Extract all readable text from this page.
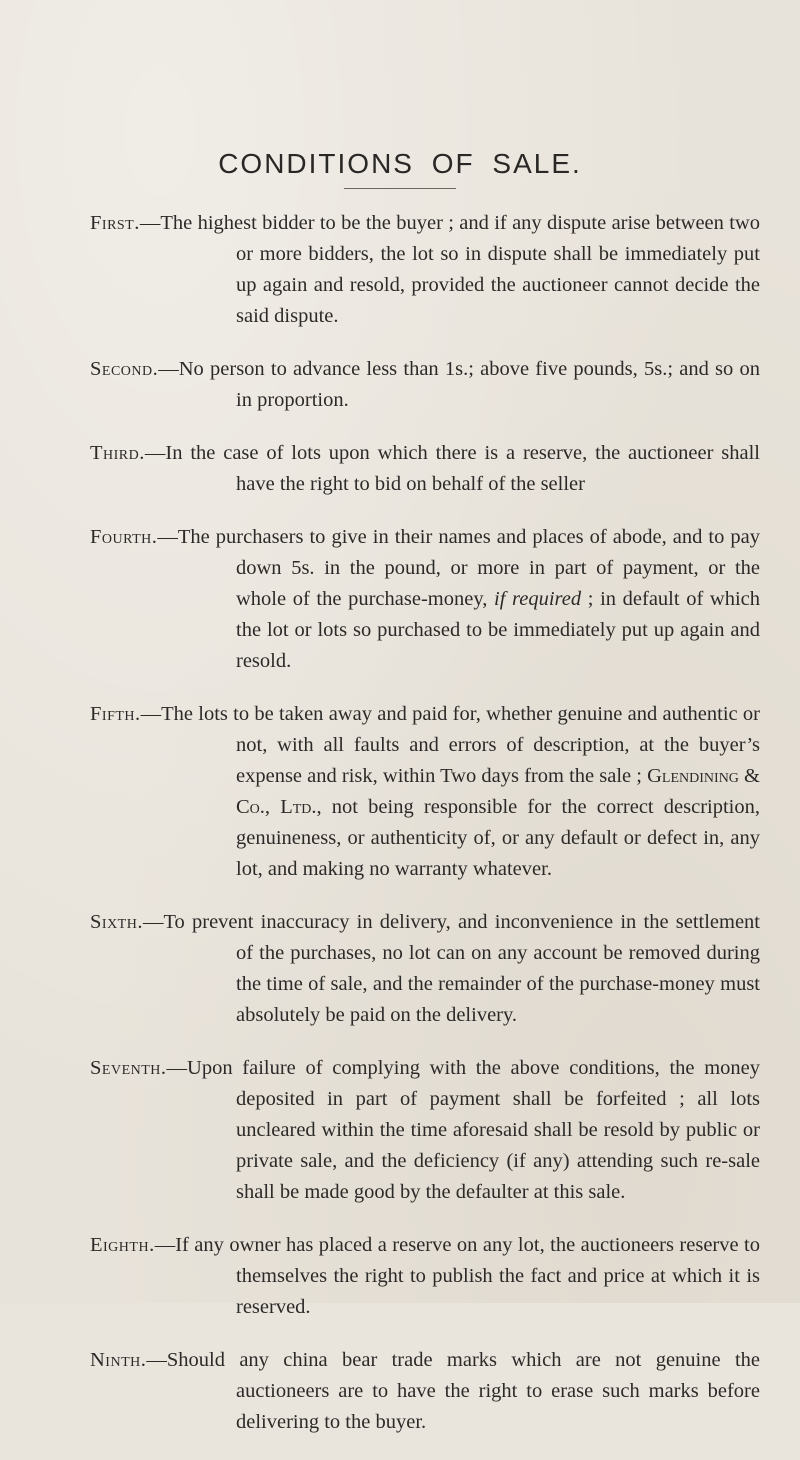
CONDITIONS OF SALE.

First.—The highest bidder to be the buyer ; and if any dispute arise between two or more bidders, the lot so in dispute shall be immediately put up again and resold, provided the auctioneer cannot decide the said dispute.

Second.—No person to advance less than 1s.; above five pounds, 5s.; and so on in proportion.

Third.—In the case of lots upon which there is a reserve, the auctioneer shall have the right to bid on behalf of the seller

Fourth.—The purchasers to give in their names and places of abode, and to pay down 5s. in the pound, or more in part of payment, or the whole of the purchase-money, if required ; in default of which the lot or lots so purchased to be immediately put up again and resold.

Fifth.—The lots to be taken away and paid for, whether genuine and authentic or not, with all faults and errors of description, at the buyer’s expense and risk, within Two days from the sale ; Glendining & Co., Ltd., not being responsible for the correct description, genuineness, or authenticity of, or any default or defect in, any lot, and making no warranty whatever.

Sixth.—To prevent inaccuracy in delivery, and inconvenience in the settlement of the purchases, no lot can on any account be removed during the time of sale, and the remainder of the purchase-money must absolutely be paid on the delivery.

Seventh.—Upon failure of complying with the above conditions, the money deposited in part of payment shall be forfeited ; all lots uncleared within the time aforesaid shall be resold by public or private sale, and the deficiency (if any) attending such re-sale shall be made good by the defaulter at this sale.

Eighth.—If any owner has placed a reserve on any lot, the auctioneers reserve to themselves the right to publish the fact and price at which it is reserved.

Ninth.—Should any china bear trade marks which are not genuine the auctioneers are to have the right to erase such marks before delivering to the buyer.
